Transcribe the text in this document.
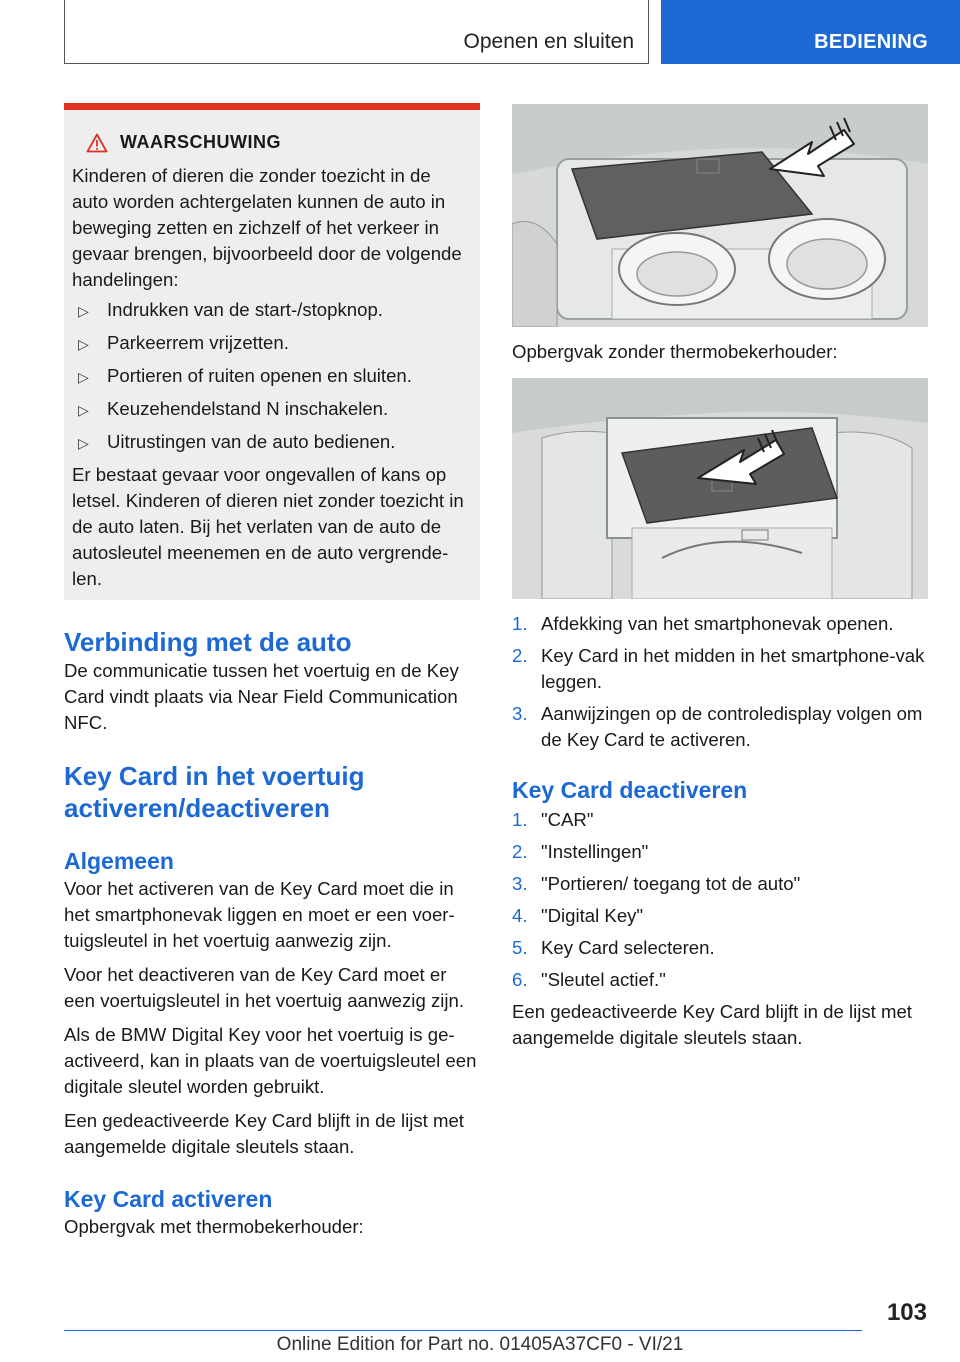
Openen en sluiten	BEDIENING
WAARSCHUWING

Kinderen of dieren die zonder toezicht in de auto worden achtergelaten kunnen de auto in beweging zetten en zichzelf of het verkeer in gevaar brengen, bijvoorbeeld door de volgende handelingen:

▷ Indrukken van de start-/stopknop.
▷ Parkeerrem vrijzetten.
▷ Portieren of ruiten openen en sluiten.
▷ Keuzehendelstand N inschakelen.
▷ Uitrustingen van de auto bedienen.

Er bestaat gevaar voor ongevallen of kans op letsel. Kinderen of dieren niet zonder toezicht in de auto laten. Bij het verlaten van de auto de autosleutel meenemen en de auto vergrende-len.

Verbinding met de auto

De communicatie tussen het voertuig en de Key Card vindt plaats via Near Field Communication NFC.

Key Card in het voertuig activeren/deactiveren
Algemeen

Voor het activeren van de Key Card moet die in het smartphonevak liggen en moet er een voer-tuigsleutel in het voertuig aanwezig zijn.

Voor het deactiveren van de Key Card moet er een voertuigsleutel in het voertuig aanwezig zijn.

Als de BMW Digital Key voor het voertuig is ge-activeerd, kan in plaats van de voertuigsleutel een digitale sleutel worden gebruikt.

Een gedeactiveerde Key Card blijft in de lijst met aangemelde digitale sleutels staan.

Key Card activeren

Opbergvak met thermobekerhouder:

Opbergvak zonder thermobekerhouder:

1. Afdekking van het smartphonevak openen.
2. Key Card in het midden in het smartphone-vak leggen.
3. Aanwijzingen op de controledisplay volgen om de Key Card te activeren.
Key Card deactiveren
1. "CAR"
2. "Instellingen"
3. "Portieren/ toegang tot de auto"
4. "Digital Key"
5. Key Card selecteren.
6. "Sleutel actief."

Een gedeactiveerde Key Card blijft in de lijst met aangemelde digitale sleutels staan.

103
Online Edition for Part no. 01405A37CF0 - VI/21
